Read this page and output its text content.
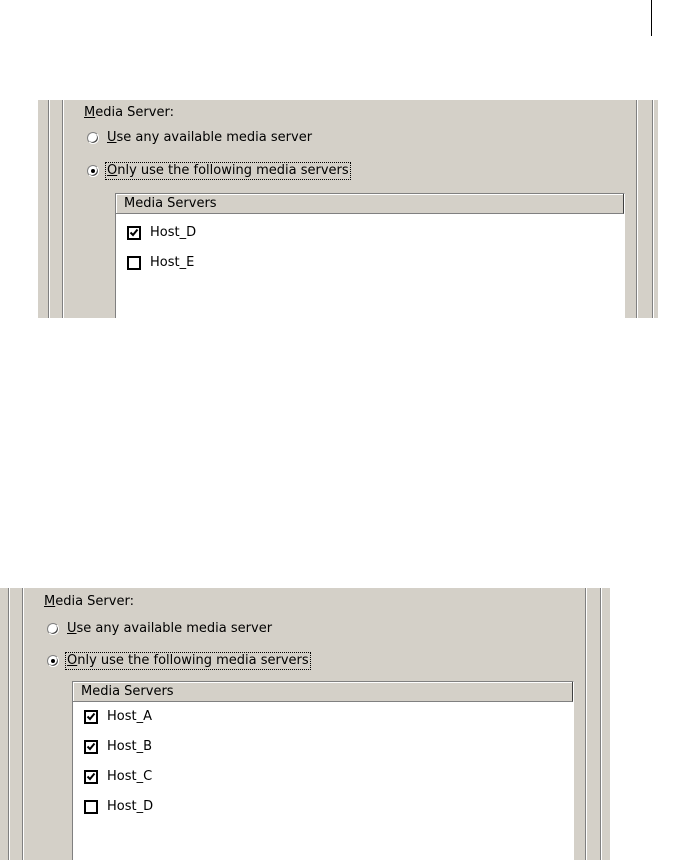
Media Server:
Use any available media server
Only use the following media servers
Media Servers
Host_D
Host_E
Media Server:
Use any available media server
Only use the following media servers
Media Servers
Host_A
Host_B
Host_C
Host_D
